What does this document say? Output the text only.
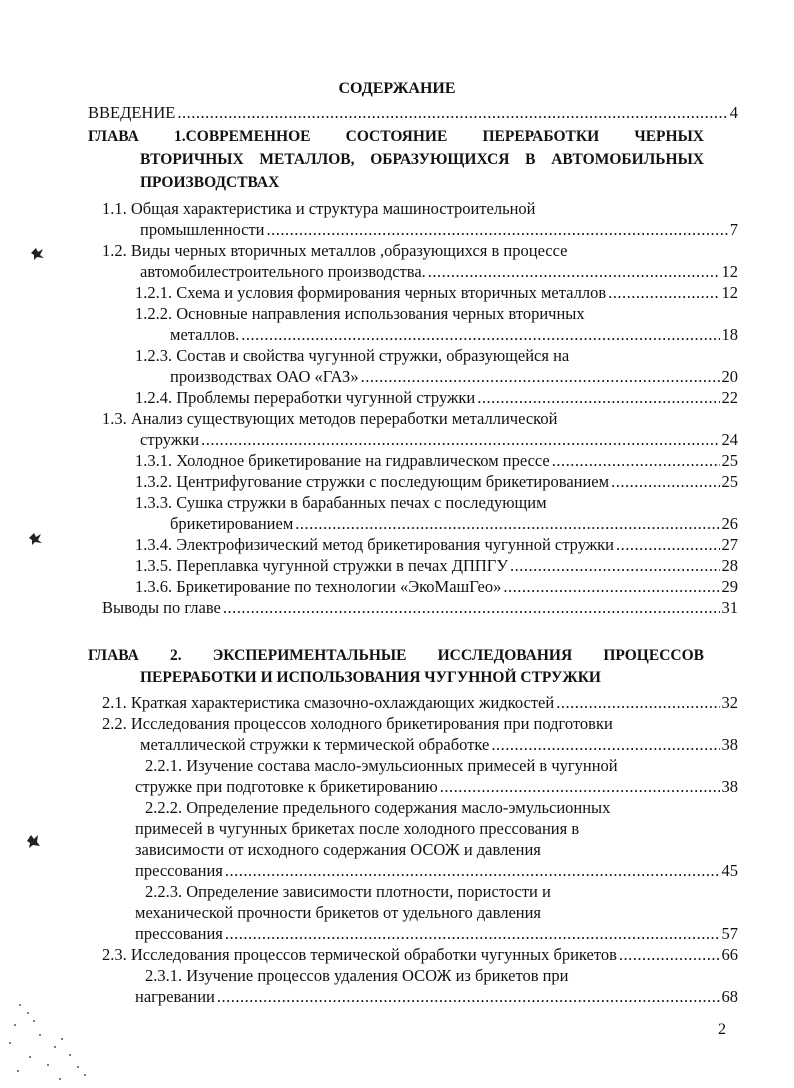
СОДЕРЖАНИЕ
ВВЕДЕНИЕ .....	4
ГЛАВА 1.СОВРЕМЕННОЕ СОСТОЯНИЕ ПЕРЕРАБОТКИ ЧЕРНЫХ
ВТОРИЧНЫХ МЕТАЛЛОВ, ОБРАЗУЮЩИХСЯ В АВТОМОБИЛЬНЫХ
ПРОИЗВОДСТВАХ
1.1. Общая характеристика и структура машиностроительной
промышленности .....	7
1.2. Виды черных вторичных металлов ,образующихся в процессе
автомобилестроительного производства. .....	12
1.2.1. Схема и условия формирования черных вторичных металлов .....	12
1.2.2. Основные направления использования черных вторичных
металлов. .....	18
1.2.3. Состав и свойства чугунной стружки, образующейся на
производствах ОАО «ГАЗ» .....	20
1.2.4. Проблемы переработки чугунной стружки .....	22
1.3. Анализ существующих методов переработки металлической
стружки .....	24
1.3.1. Холодное брикетирование на гидравлическом прессе .....	25
1.3.2. Центрифугование стружки с последующим брикетированием .....	25
1.3.3. Сушка стружки в барабанных печах с последующим
брикетированием .....	26
1.3.4. Электрофизический метод брикетирования чугунной стружки .....	27
1.3.5. Переплавка чугунной стружки в печах ДППГУ .....	28
1.3.6. Брикетирование по технологии «ЭкоМашГео» .....	29
Выводы по главе .....	31
ГЛАВА 2. ЭКСПЕРИМЕНТАЛЬНЫЕ ИССЛЕДОВАНИЯ ПРОЦЕССОВ
ПЕРЕРАБОТКИ И ИСПОЛЬЗОВАНИЯ ЧУГУННОЙ СТРУЖКИ
2.1. Краткая характеристика смазочно-охлаждающих жидкостей .....	32
2.2. Исследования процессов холодного брикетирования при подготовки
металлической стружки к термической обработке .....	38
2.2.1. Изучение состава масло-эмульсионных примесей в чугунной
стружке при подготовке к брикетированию .....	38
2.2.2. Определение предельного содержания масло-эмульсионных
примесей в чугунных брикетах после холодного прессования в
зависимости от исходного содержания ОСОЖ и давления
прессования .....	45
2.2.3. Определение зависимости плотности, пористости и
механической прочности брикетов от удельного давления
прессования .....	57
2.3. Исследования процессов термической обработки чугунных брикетов .....	66
2.3.1. Изучение процессов удаления ОСОЖ из брикетов при
нагревании .....	68
2
